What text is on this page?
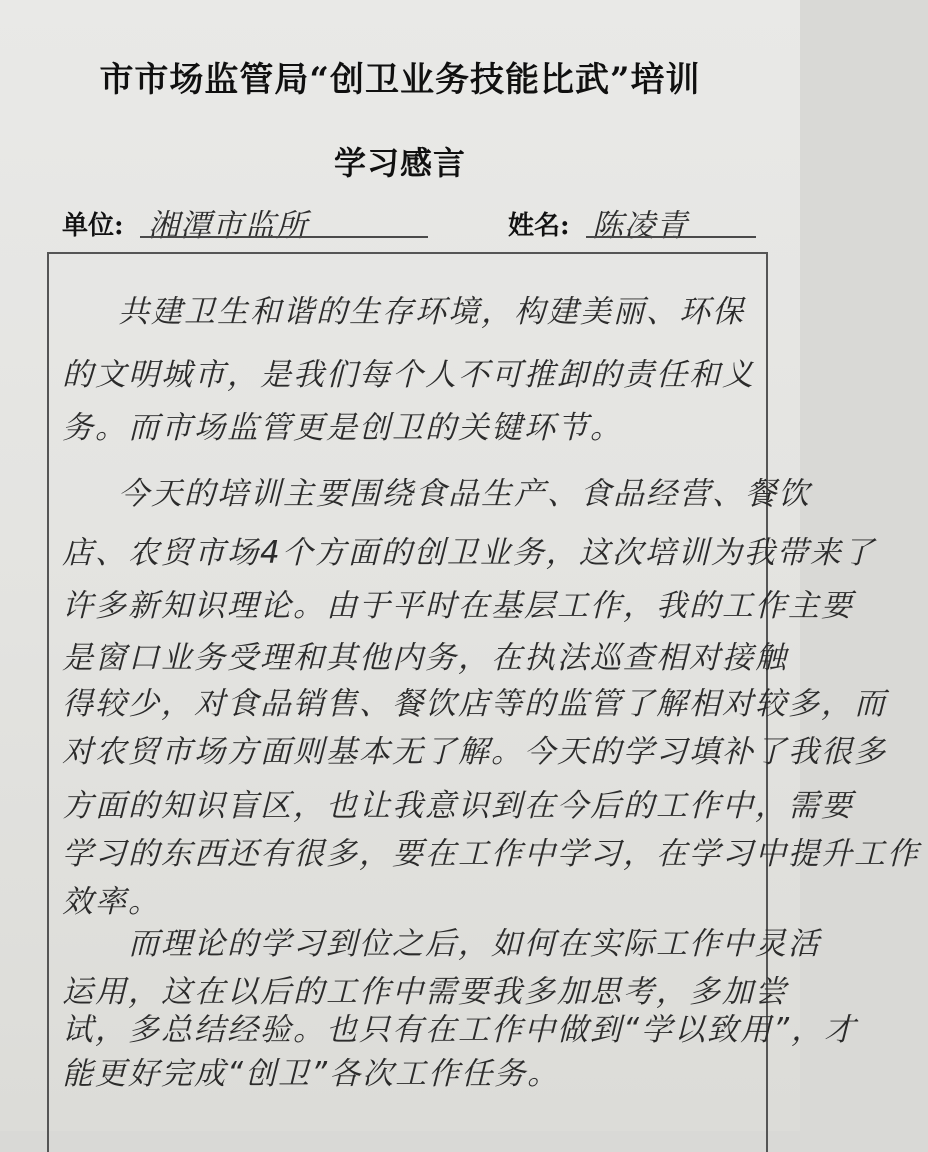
市市场监管局“创卫业务技能比武”培训
学习感言
单位: 湘潭市监所	姓名: 陈凌青
共建卫生和谐的生存环境，构建美丽、环保
的文明城市，是我们每个人不可推卸的责任和义
务。而市场监管更是创卫的关键环节。
今天的培训主要围绕食品生产、食品经营、餐饮
店、农贸市场4个方面的创卫业务，这次培训为我带来了
许多新知识理论。由于平时在基层工作，我的工作主要
是窗口业务受理和其他内务，在执法巡查相对接触
得较少，对食品销售、餐饮店等的监管了解相对较多，而
对农贸市场方面则基本无了解。今天的学习填补了我很多
方面的知识盲区，也让我意识到在今后的工作中，需要
学习的东西还有很多，要在工作中学习，在学习中提升工作
效率。
而理论的学习到位之后，如何在实际工作中灵活
运用，这在以后的工作中需要我多加思考，多加尝
试，多总结经验。也只有在工作中做到“学以致用”，才
能更好完成“创卫”各次工作任务。
